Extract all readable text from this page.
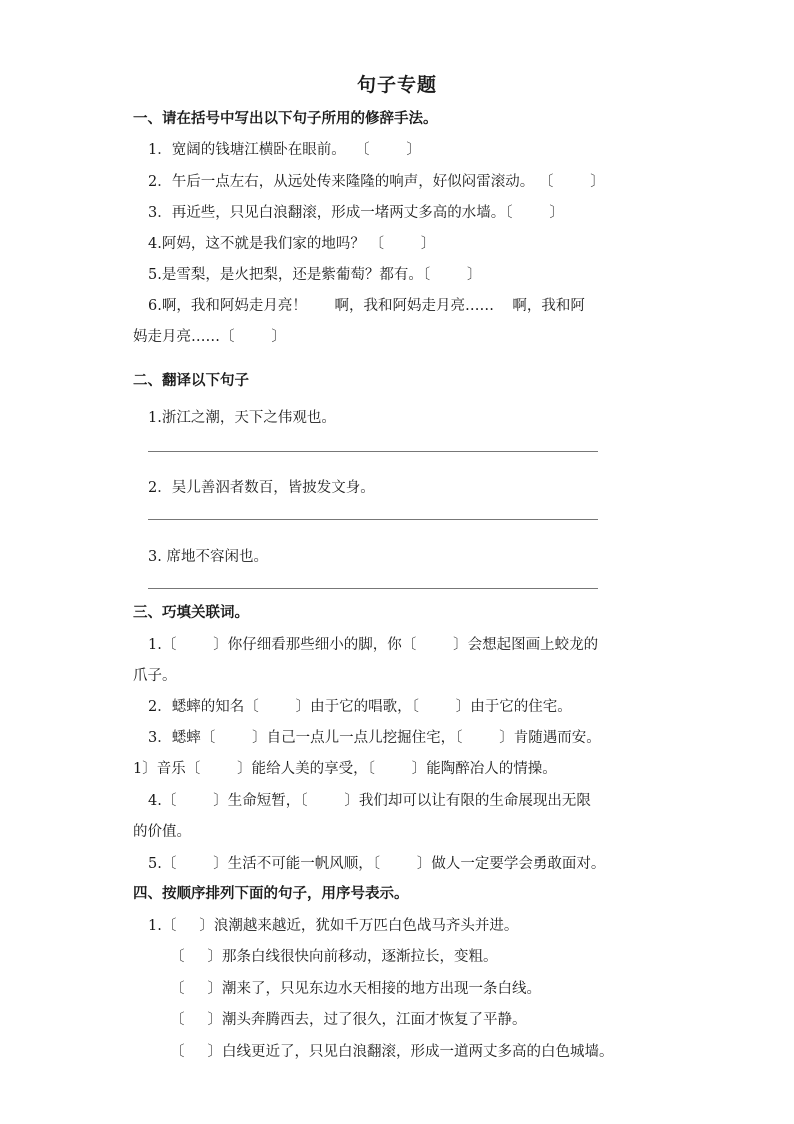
句子专题
一、请在括号中写出以下句子所用的修辞手法。
1．宽阔的钱塘江横卧在眼前。  〔        〕
2．午后一点左右，从远处传来隆隆的响声，好似闷雷滚动。 〔        〕
3．再近些，只见白浪翻滚，形成一堵两丈多高的水墙。〔        〕
4.阿妈，这不就是我们家的地吗？ 〔        〕
5.是雪梨，是火把梨，还是紫葡萄？都有。〔        〕
6.啊，我和阿妈走月亮！      啊，我和阿妈走月亮……    啊，我和阿
妈走月亮……〔        〕
二、翻译以下句子
1.浙江之潮，天下之伟观也。
2．吴儿善泅者数百，皆披发文身。
3. 席地不容闲也。
三、巧填关联词。
1.〔        〕你仔细看那些细小的脚，你〔        〕会想起图画上蛟龙的
爪子。
2．蟋蟀的知名〔        〕由于它的唱歌，〔        〕由于它的住宅。
3．蟋蟀〔        〕自己一点儿一点儿挖掘住宅，〔        〕肯随遇而安。
1〕音乐〔        〕能给人美的享受，〔        〕能陶醉冶人的情操。
4.〔        〕生命短暂，〔        〕我们却可以让有限的生命展现出无限
的价值。
5.〔        〕生活不可能一帆风顺，〔        〕做人一定要学会勇敢面对。
四、按顺序排列下面的句子，用序号表示。
1.〔     〕浪潮越来越近，犹如千万匹白色战马齐头并进。
〔     〕那条白线很快向前移动，逐渐拉长，变粗。
〔     〕潮来了，只见东边水天相接的地方出现一条白线。
〔     〕潮头奔腾西去，过了很久，江面才恢复了平静。
〔     〕白线更近了，只见白浪翻滚，形成一道两丈多高的白色城墙。
